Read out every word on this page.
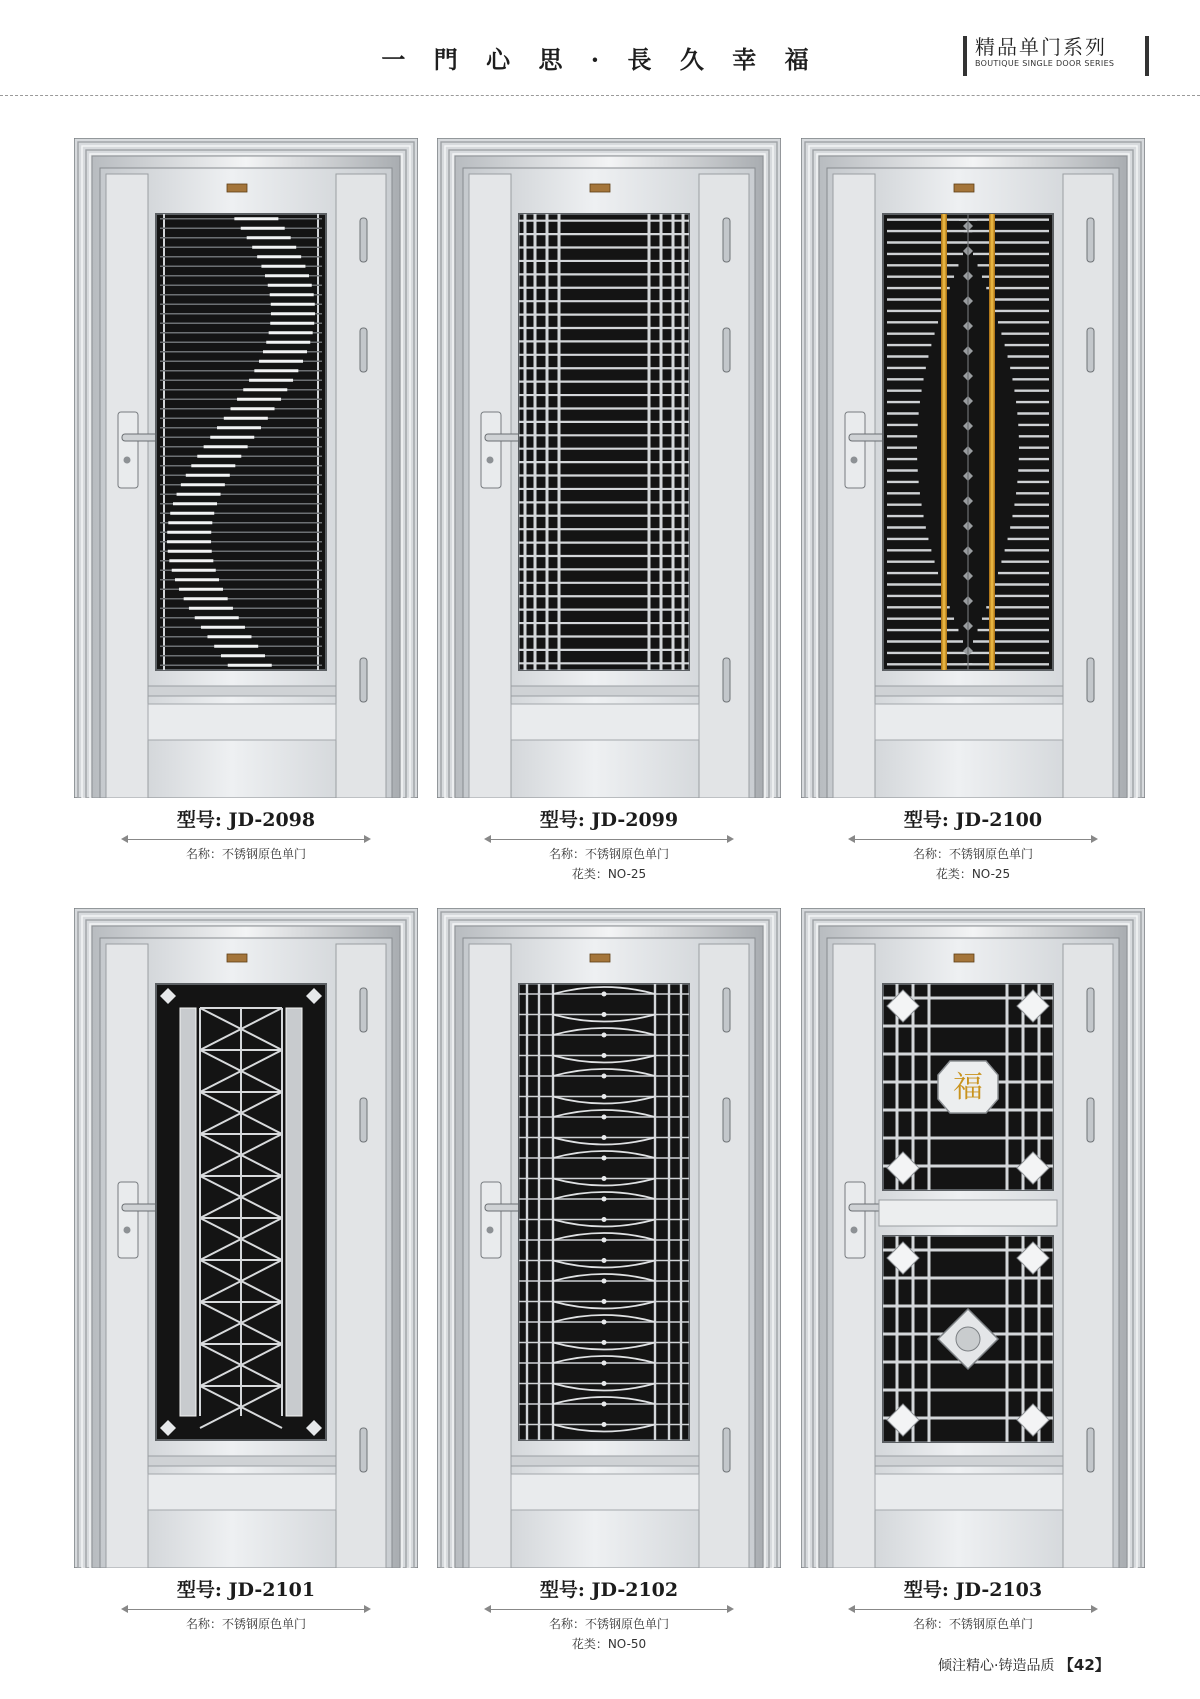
一 門 心 思 · 長 久 幸 福	精品单门系列
BOUTIQUE SINGLE DOOR SERIES
型号: JD-2098
名称：不锈钢原色单门
型号: JD-2099
名称：不锈钢原色单门
花类：NO-25
型号: JD-2100
名称：不锈钢原色单门
花类：NO-25
福
型号: JD-2101
名称：不锈钢原色单门
型号: JD-2102
名称：不锈钢原色单门
花类：NO-50
型号: JD-2103
名称：不锈钢原色单门
倾注精心·铸造品质 【42】
